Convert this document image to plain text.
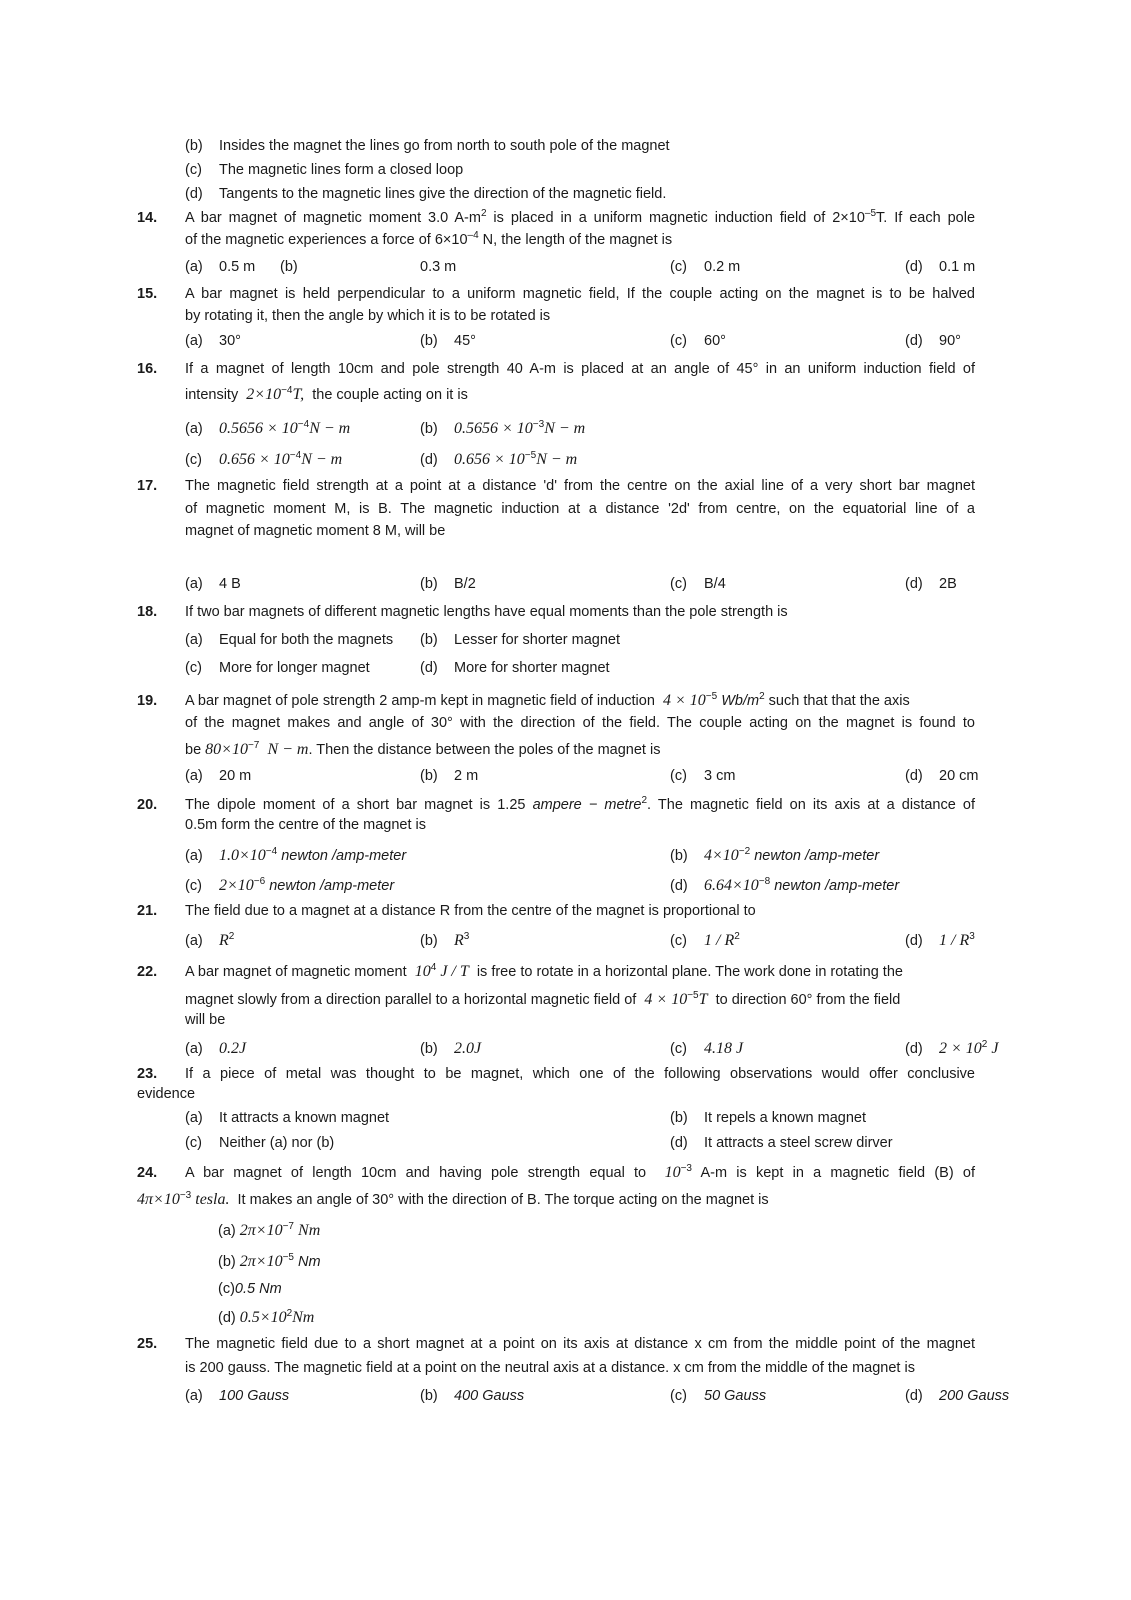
(b) Insides the magnet the lines go from north to south pole of the magnet
(c) The magnetic lines form a closed loop
(d) Tangents to the magnetic lines give the direction of the magnetic field.
14. A bar magnet of magnetic moment 3.0 $A-m^2$ is placed in a uniform magnetic induction field of $2\times 10^{-5}T$. If each pole
of the magnetic experiences a force of $6\times 10^{-4}$ N, the length of the magnet is
(a) 0.5 m (b)	0.3 m	(c) 0.2 m	(d) 0.1 m
15. A bar magnet is held perpendicular to a uniform magnetic field, If the couple acting on the magnet is to be halved
by rotating it, then the angle by which it is to be rotated is
(a) 30°	(b) 45°	(c) 60°	(d) 90°
16. If a magnet of length 10cm and pole strength 40 A-m is placed at an angle of 45° in an uniform induction field of
intensity $2\times 10^{-4}T$, the couple acting on it is
(a) $0.5656 \times 10^{-4}N - m$	(b) $0.5656 \times 10^{-3}N - m$
(c) $0.656 \times 10^{-4}N - m$	(d) $0.656 \times 10^{-5}N - m$
17. The magnetic field strength at a point at a distance 'd' from the centre on the axial line of a very short bar magnet
of magnetic moment M, is B. The magnetic induction at a distance '2d' from centre, on the equatorial line of a
magnet of magnetic moment 8 M, will be
(a) 4 B	(b) B/2	(c) B/4	(d) 2B
18. If two bar magnets of different magnetic lengths have equal moments than the pole strength is
(a) Equal for both the magnets (b) Lesser for shorter magnet
(c) More for longer magnet	(d) More for shorter magnet
19. A bar magnet of pole strength 2 amp-m kept in magnetic field of induction $4 \times 10^{-5}$ $Wb/m^2$ such that that the axis
of the magnet makes and angle of 30° with the direction of the field. The couple acting on the magnet is found to
be $80\times 10^{-7}$ N − m. Then the distance between the poles of the magnet is
(a) 20 m	(b) 2 m	(c) 3 cm	(d) 20 cm
20. The dipole moment of a short bar magnet is 1.25 ampere − metre$^2$. The magnetic field on its axis at a distance of
0.5m form the centre of the magnet is
(a) $1.0\times 10^{-4}$ newton /amp-meter	(b) $4\times 10^{-2}$ newton /amp-meter
(c) $2\times 10^{-6}$ newton /amp-meter	(d) $6.64\times 10^{-8}$ newton /amp-meter
21. The field due to a magnet at a distance R from the centre of the magnet is proportional to
(a) $R^2$	(b) $R^3$	(c) $1 / R^2$	(d) $1 / R^3$
22. A bar magnet of magnetic moment $10^4$ J / T is free to rotate in a horizontal plane. The work done in rotating the
magnet slowly from a direction parallel to a horizontal magnetic field of $4 \times 10^{-5}T$ to direction 60° from the field
will be
(a) 0.2J	(b) 2.0J	(c) 4.18 J	(d) $2 \times 10^2$ J
23. If a piece of metal was thought to be magnet, which one of the following observations would offer conclusive
evidence
(a) It attracts a known magnet	(b) It repels a known magnet
(c) Neither (a) nor (b)	(d) It attracts a steel screw dirver
24. A bar magnet of length 10cm and having pole strength equal to $10^{-3}$ A-m is kept in a magnetic field (B) of
$4\pi\times 10^{-3}$ tesla. It makes an angle of 30° with the direction of B. The torque acting on the magnet is
(a) $2\pi\times 10^{-7}$ Nm
(b) $2\pi\times 10^{-5}$ Nm
(c)0.5 Nm
(d) $0.5\times 10^2Nm$
25. The magnetic field due to a short magnet at a point on its axis at distance x cm from the middle point of the magnet
is 200 gauss. The magnetic field at a point on the neutral axis at a distance. x cm from the middle of the magnet is
(a) 100 Gauss	(b) 400 Gauss	(c) 50 Gauss	(d) 200 Gauss
